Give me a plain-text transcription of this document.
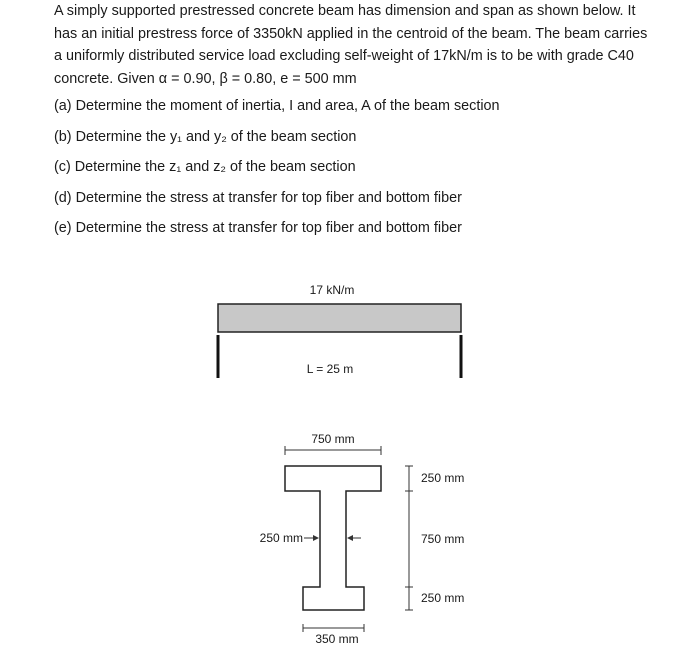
A simply supported prestressed concrete beam has dimension and span as shown below. It
has an initial prestress force of 3350kN applied in the centroid of the beam. The beam carries
a uniformly distributed service load excluding self-weight of 17kN/m is to be with grade C40
concrete. Given α = 0.90, β = 0.80, e = 500 mm
(a) Determine the moment of inertia, I and area, A of the beam section
(b) Determine the y₁ and y₂ of the beam section
(c) Determine the z₁ and z₂ of the beam section
(d) Determine the stress at transfer for top fiber and bottom fiber
(e) Determine the stress at transfer for top fiber and bottom fiber
17 kN/m
L = 25 m
750 mm
250 mm
250 mm
750 mm
250 mm
350 mm
